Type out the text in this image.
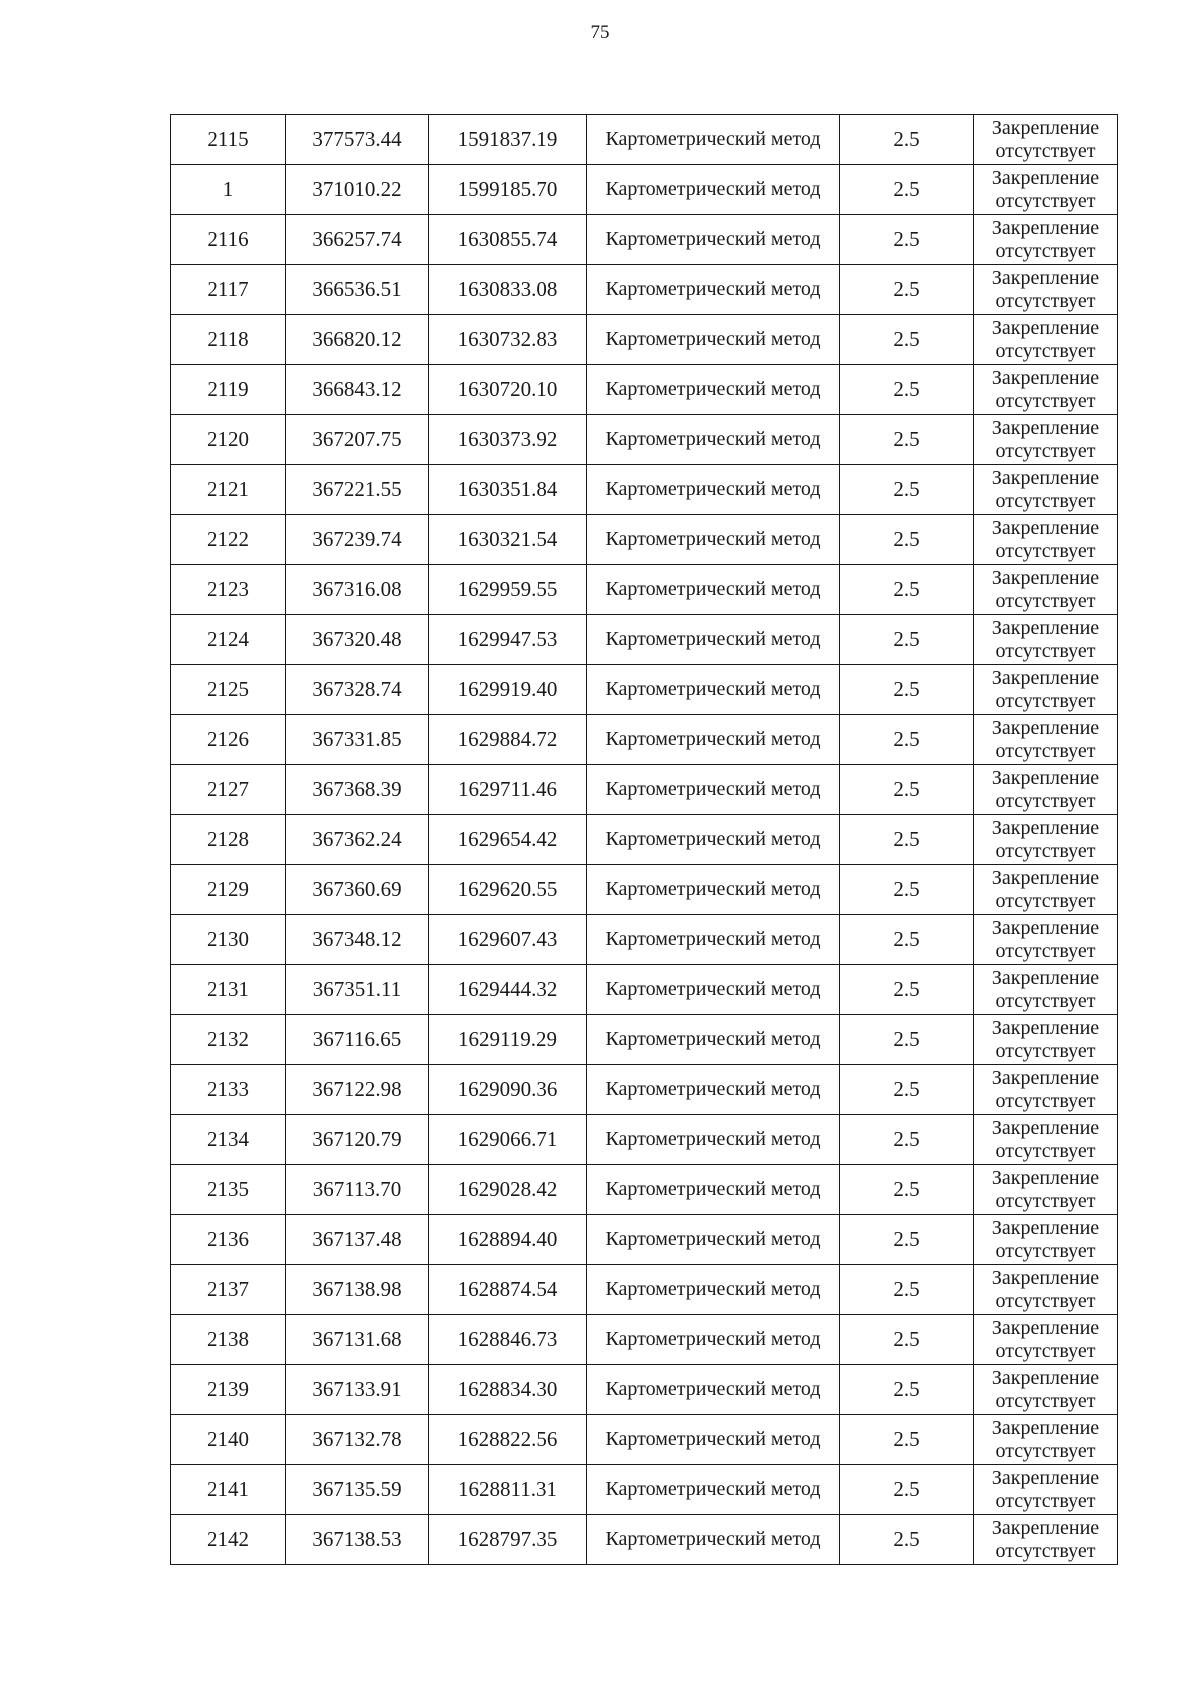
75
2115	377573.44	1591837.19	Картометрический метод	2.5	Закрепление
отсутствует

1	371010.22	1599185.70	Картометрический метод	2.5	Закрепление
отсутствует

2116	366257.74	1630855.74	Картометрический метод	2.5	Закрепление
отсутствует

2117	366536.51	1630833.08	Картометрический метод	2.5	Закрепление
отсутствует

2118	366820.12	1630732.83	Картометрический метод	2.5	Закрепление
отсутствует

2119	366843.12	1630720.10	Картометрический метод	2.5	Закрепление
отсутствует

2120	367207.75	1630373.92	Картометрический метод	2.5	Закрепление
отсутствует

2121	367221.55	1630351.84	Картометрический метод	2.5	Закрепление
отсутствует

2122	367239.74	1630321.54	Картометрический метод	2.5	Закрепление
отсутствует

2123	367316.08	1629959.55	Картометрический метод	2.5	Закрепление
отсутствует

2124	367320.48	1629947.53	Картометрический метод	2.5	Закрепление
отсутствует

2125	367328.74	1629919.40	Картометрический метод	2.5	Закрепление
отсутствует

2126	367331.85	1629884.72	Картометрический метод	2.5	Закрепление
отсутствует

2127	367368.39	1629711.46	Картометрический метод	2.5	Закрепление
отсутствует

2128	367362.24	1629654.42	Картометрический метод	2.5	Закрепление
отсутствует

2129	367360.69	1629620.55	Картометрический метод	2.5	Закрепление
отсутствует

2130	367348.12	1629607.43	Картометрический метод	2.5	Закрепление
отсутствует

2131	367351.11	1629444.32	Картометрический метод	2.5	Закрепление
отсутствует

2132	367116.65	1629119.29	Картометрический метод	2.5	Закрепление
отсутствует

2133	367122.98	1629090.36	Картометрический метод	2.5	Закрепление
отсутствует

2134	367120.79	1629066.71	Картометрический метод	2.5	Закрепление
отсутствует

2135	367113.70	1629028.42	Картометрический метод	2.5	Закрепление
отсутствует

2136	367137.48	1628894.40	Картометрический метод	2.5	Закрепление
отсутствует

2137	367138.98	1628874.54	Картометрический метод	2.5	Закрепление
отсутствует

2138	367131.68	1628846.73	Картометрический метод	2.5	Закрепление
отсутствует

2139	367133.91	1628834.30	Картометрический метод	2.5	Закрепление
отсутствует

2140	367132.78	1628822.56	Картометрический метод	2.5	Закрепление
отсутствует

2141	367135.59	1628811.31	Картометрический метод	2.5	Закрепление
отсутствует

2142	367138.53	1628797.35	Картометрический метод	2.5	Закрепление
отсутствует
